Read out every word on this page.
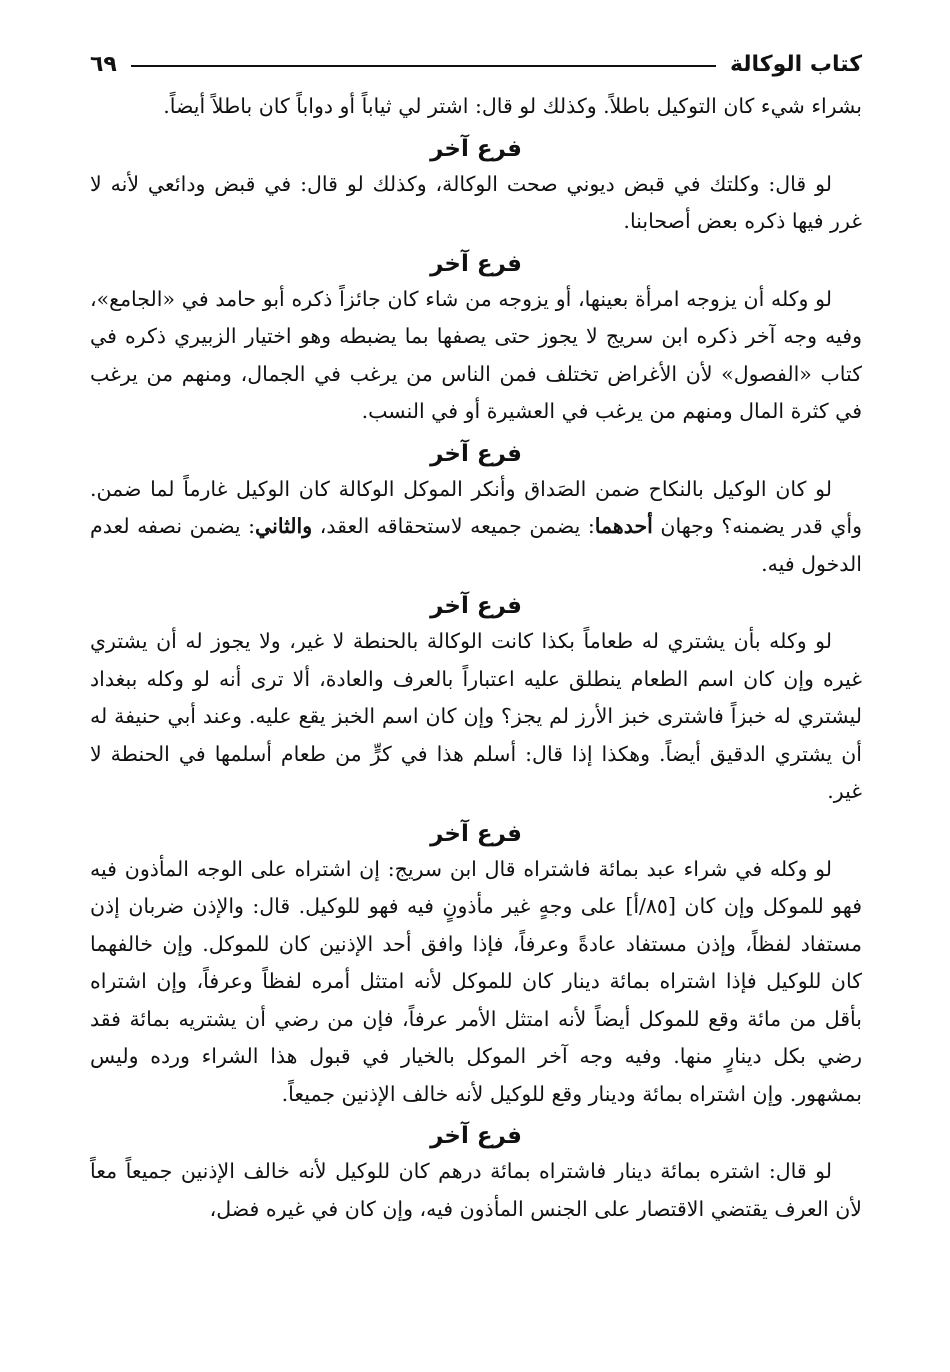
كتاب الوكالة
٦٩

بشراء شيء كان التوكيل باطلاً. وكذلك لو قال: اشتر لي ثياباً أو دواباً كان باطلاً أيضاً.

فرع آخر

لو قال: وكلتك في قبض ديوني صحت الوكالة، وكذلك لو قال: في قبض ودائعي لأنه لا غرر فيها ذكره بعض أصحابنا.

فرع آخر

لو وكله أن يزوجه امرأة بعينها، أو يزوجه من شاء كان جائزاً ذكره أبو حامد في «الجامع»، وفيه وجه آخر ذكره ابن سريج لا يجوز حتى يصفها بما يضبطه وهو اختيار الزبيري ذكره في كتاب «الفصول» لأن الأغراض تختلف فمن الناس من يرغب في الجمال، ومنهم من يرغب في كثرة المال ومنهم من يرغب في العشيرة أو في النسب.

فرع آخر

لو كان الوكيل بالنكاح ضمن الصَداق وأنكر الموكل الوكالة كان الوكيل غارماً لما ضمن. وأي قدر يضمنه؟ وجهان أحدهما: يضمن جميعه لاستحقاقه العقد، والثاني: يضمن نصفه لعدم الدخول فيه.

فرع آخر

لو وكله بأن يشتري له طعاماً بكذا كانت الوكالة بالحنطة لا غير، ولا يجوز له أن يشتري غيره وإن كان اسم الطعام ينطلق عليه اعتباراً بالعرف والعادة، ألا ترى أنه لو وكله ببغداد ليشتري له خبزاً فاشترى خبز الأرز لم يجز؟ وإن كان اسم الخبز يقع عليه. وعند أبي حنيفة له أن يشتري الدقيق أيضاً. وهكذا إذا قال: أسلم هذا في كرٍّ من طعام أسلمها في الحنطة لا غير.

فرع آخر

لو وكله في شراء عبد بمائة فاشتراه قال ابن سريج: إن اشتراه على الوجه المأذون فيه فهو للموكل وإن كان [٨٥/أ] على وجهٍ غير مأذونٍ فيه فهو للوكيل. قال: والإذن ضربان إذن مستفاد لفظاً، وإذن مستفاد عادةً وعرفاً، فإذا وافق أحد الإذنين كان للموكل. وإن خالفهما كان للوكيل فإذا اشتراه بمائة دينار كان للموكل لأنه امتثل أمره لفظاً وعرفاً، وإن اشتراه بأقل من مائة وقع للموكل أيضاً لأنه امتثل الأمر عرفاً، فإن من رضي أن يشتريه بمائة فقد رضي بكل دينارٍ منها. وفيه وجه آخر الموكل بالخيار في قبول هذا الشراء ورده وليس بمشهور. وإن اشتراه بمائة ودينار وقع للوكيل لأنه خالف الإذنين جميعاً.

فرع آخر

لو قال: اشتره بمائة دينار فاشتراه بمائة درهم كان للوكيل لأنه خالف الإذنين جميعاً معاً لأن العرف يقتضي الاقتصار على الجنس المأذون فيه، وإن كان في غيره فضل،
